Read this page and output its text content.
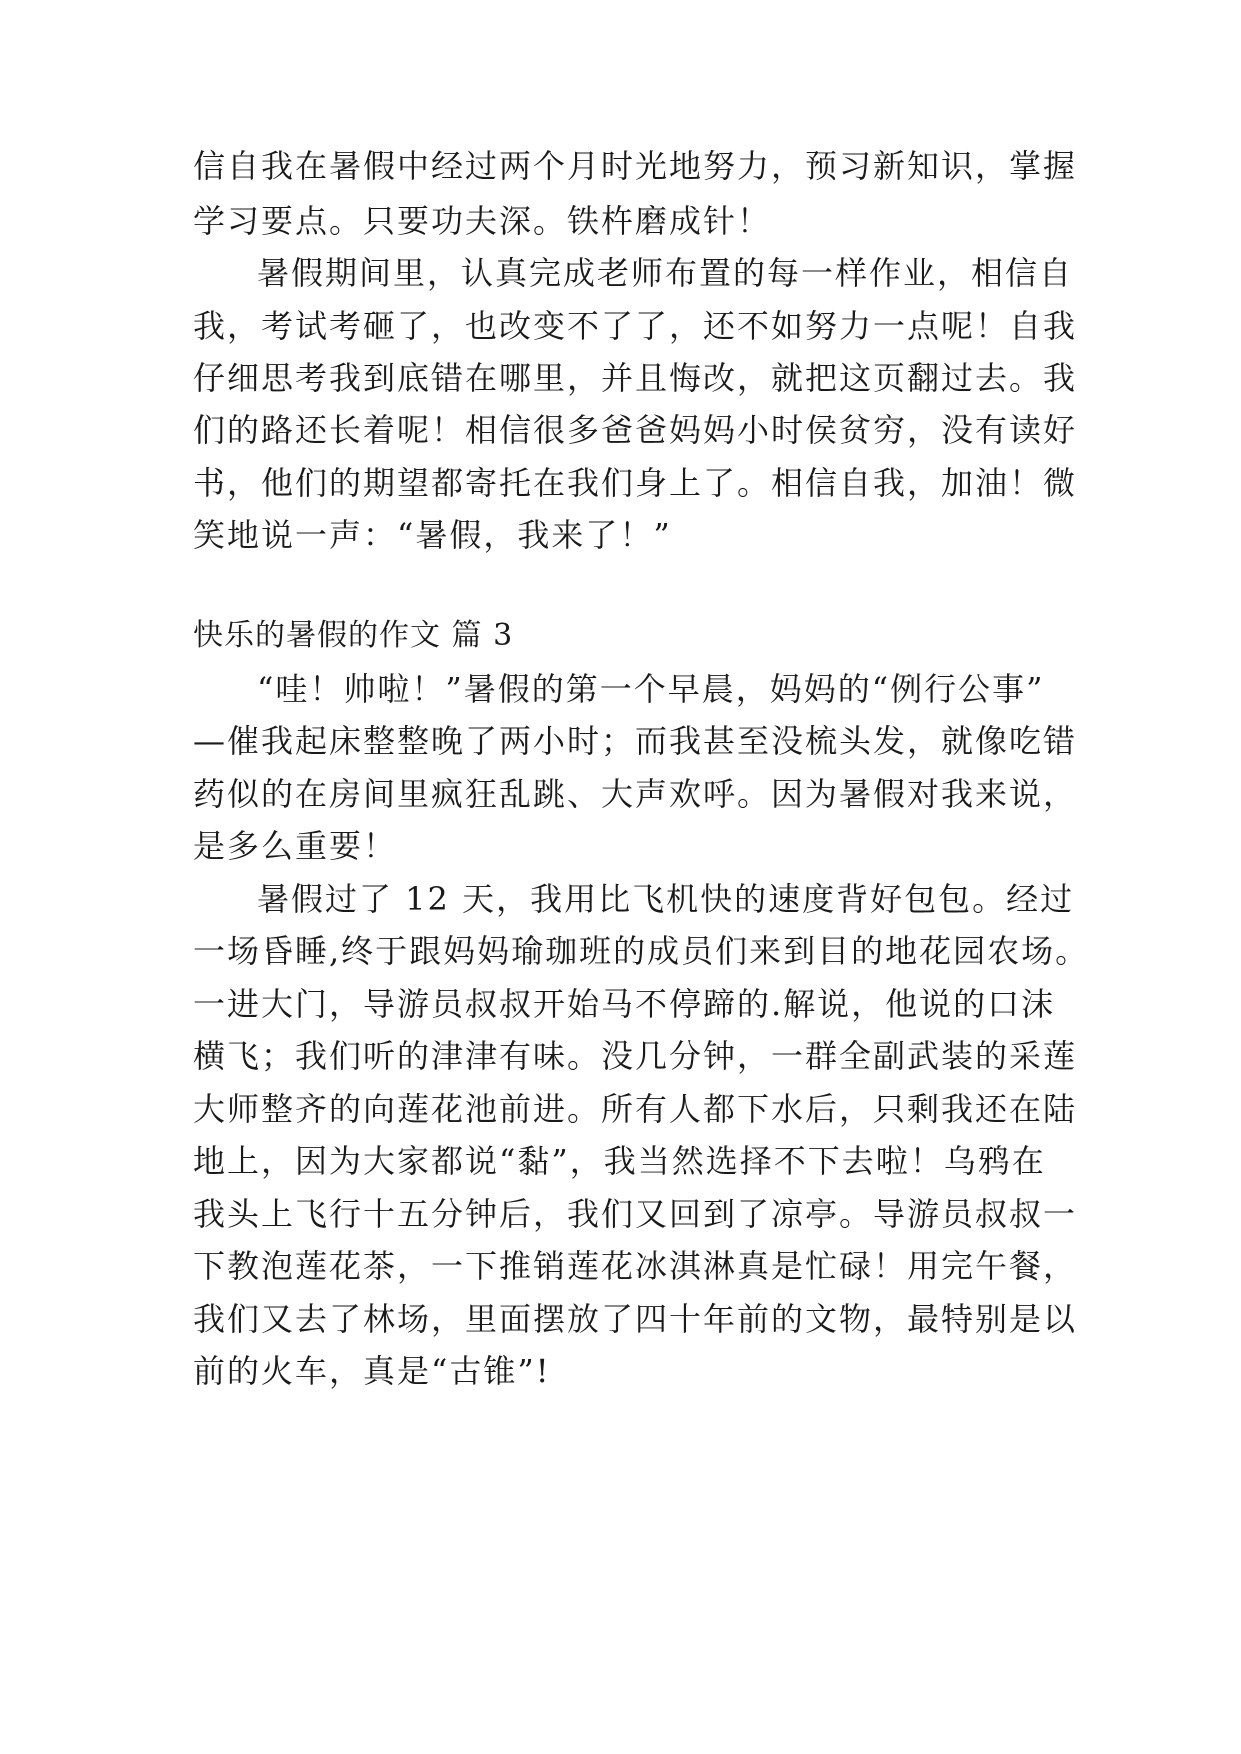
信自我在暑假中经过两个月时光地努力，预习新知识，掌握
学习要点。只要功夫深。铁杵磨成针！
暑假期间里，认真完成老师布置的每一样作业，相信自
我，考试考砸了，也改变不了了，还不如努力一点呢！自我
仔细思考我到底错在哪里，并且悔改，就把这页翻过去。我
们的路还长着呢！相信很多爸爸妈妈小时侯贫穷，没有读好
书，他们的期望都寄托在我们身上了。相信自我，加油！微
笑地说一声：“暑假，我来了！”
快乐的暑假的作文 篇 3
“哇！帅啦！”暑假的第一个早晨，妈妈的“例行公事”
—催我起床整整晚了两小时；而我甚至没梳头发，就像吃错
药似的在房间里疯狂乱跳、大声欢呼。因为暑假对我来说，
是多么重要！
暑假过了 12 天，我用比飞机快的速度背好包包。经过
一场昏睡,终于跟妈妈瑜珈班的成员们来到目的地花园农场。
一进大门，导游员叔叔开始马不停蹄的.解说，他说的口沫
横飞；我们听的津津有味。没几分钟，一群全副武装的采莲
大师整齐的向莲花池前进。所有人都下水后，只剩我还在陆
地上，因为大家都说“黏”，我当然选择不下去啦！乌鸦在
我头上飞行十五分钟后，我们又回到了凉亭。导游员叔叔一
下教泡莲花茶，一下推销莲花冰淇淋真是忙碌！用完午餐，
我们又去了林场，里面摆放了四十年前的文物，最特别是以
前的火车，真是“古锥”!
